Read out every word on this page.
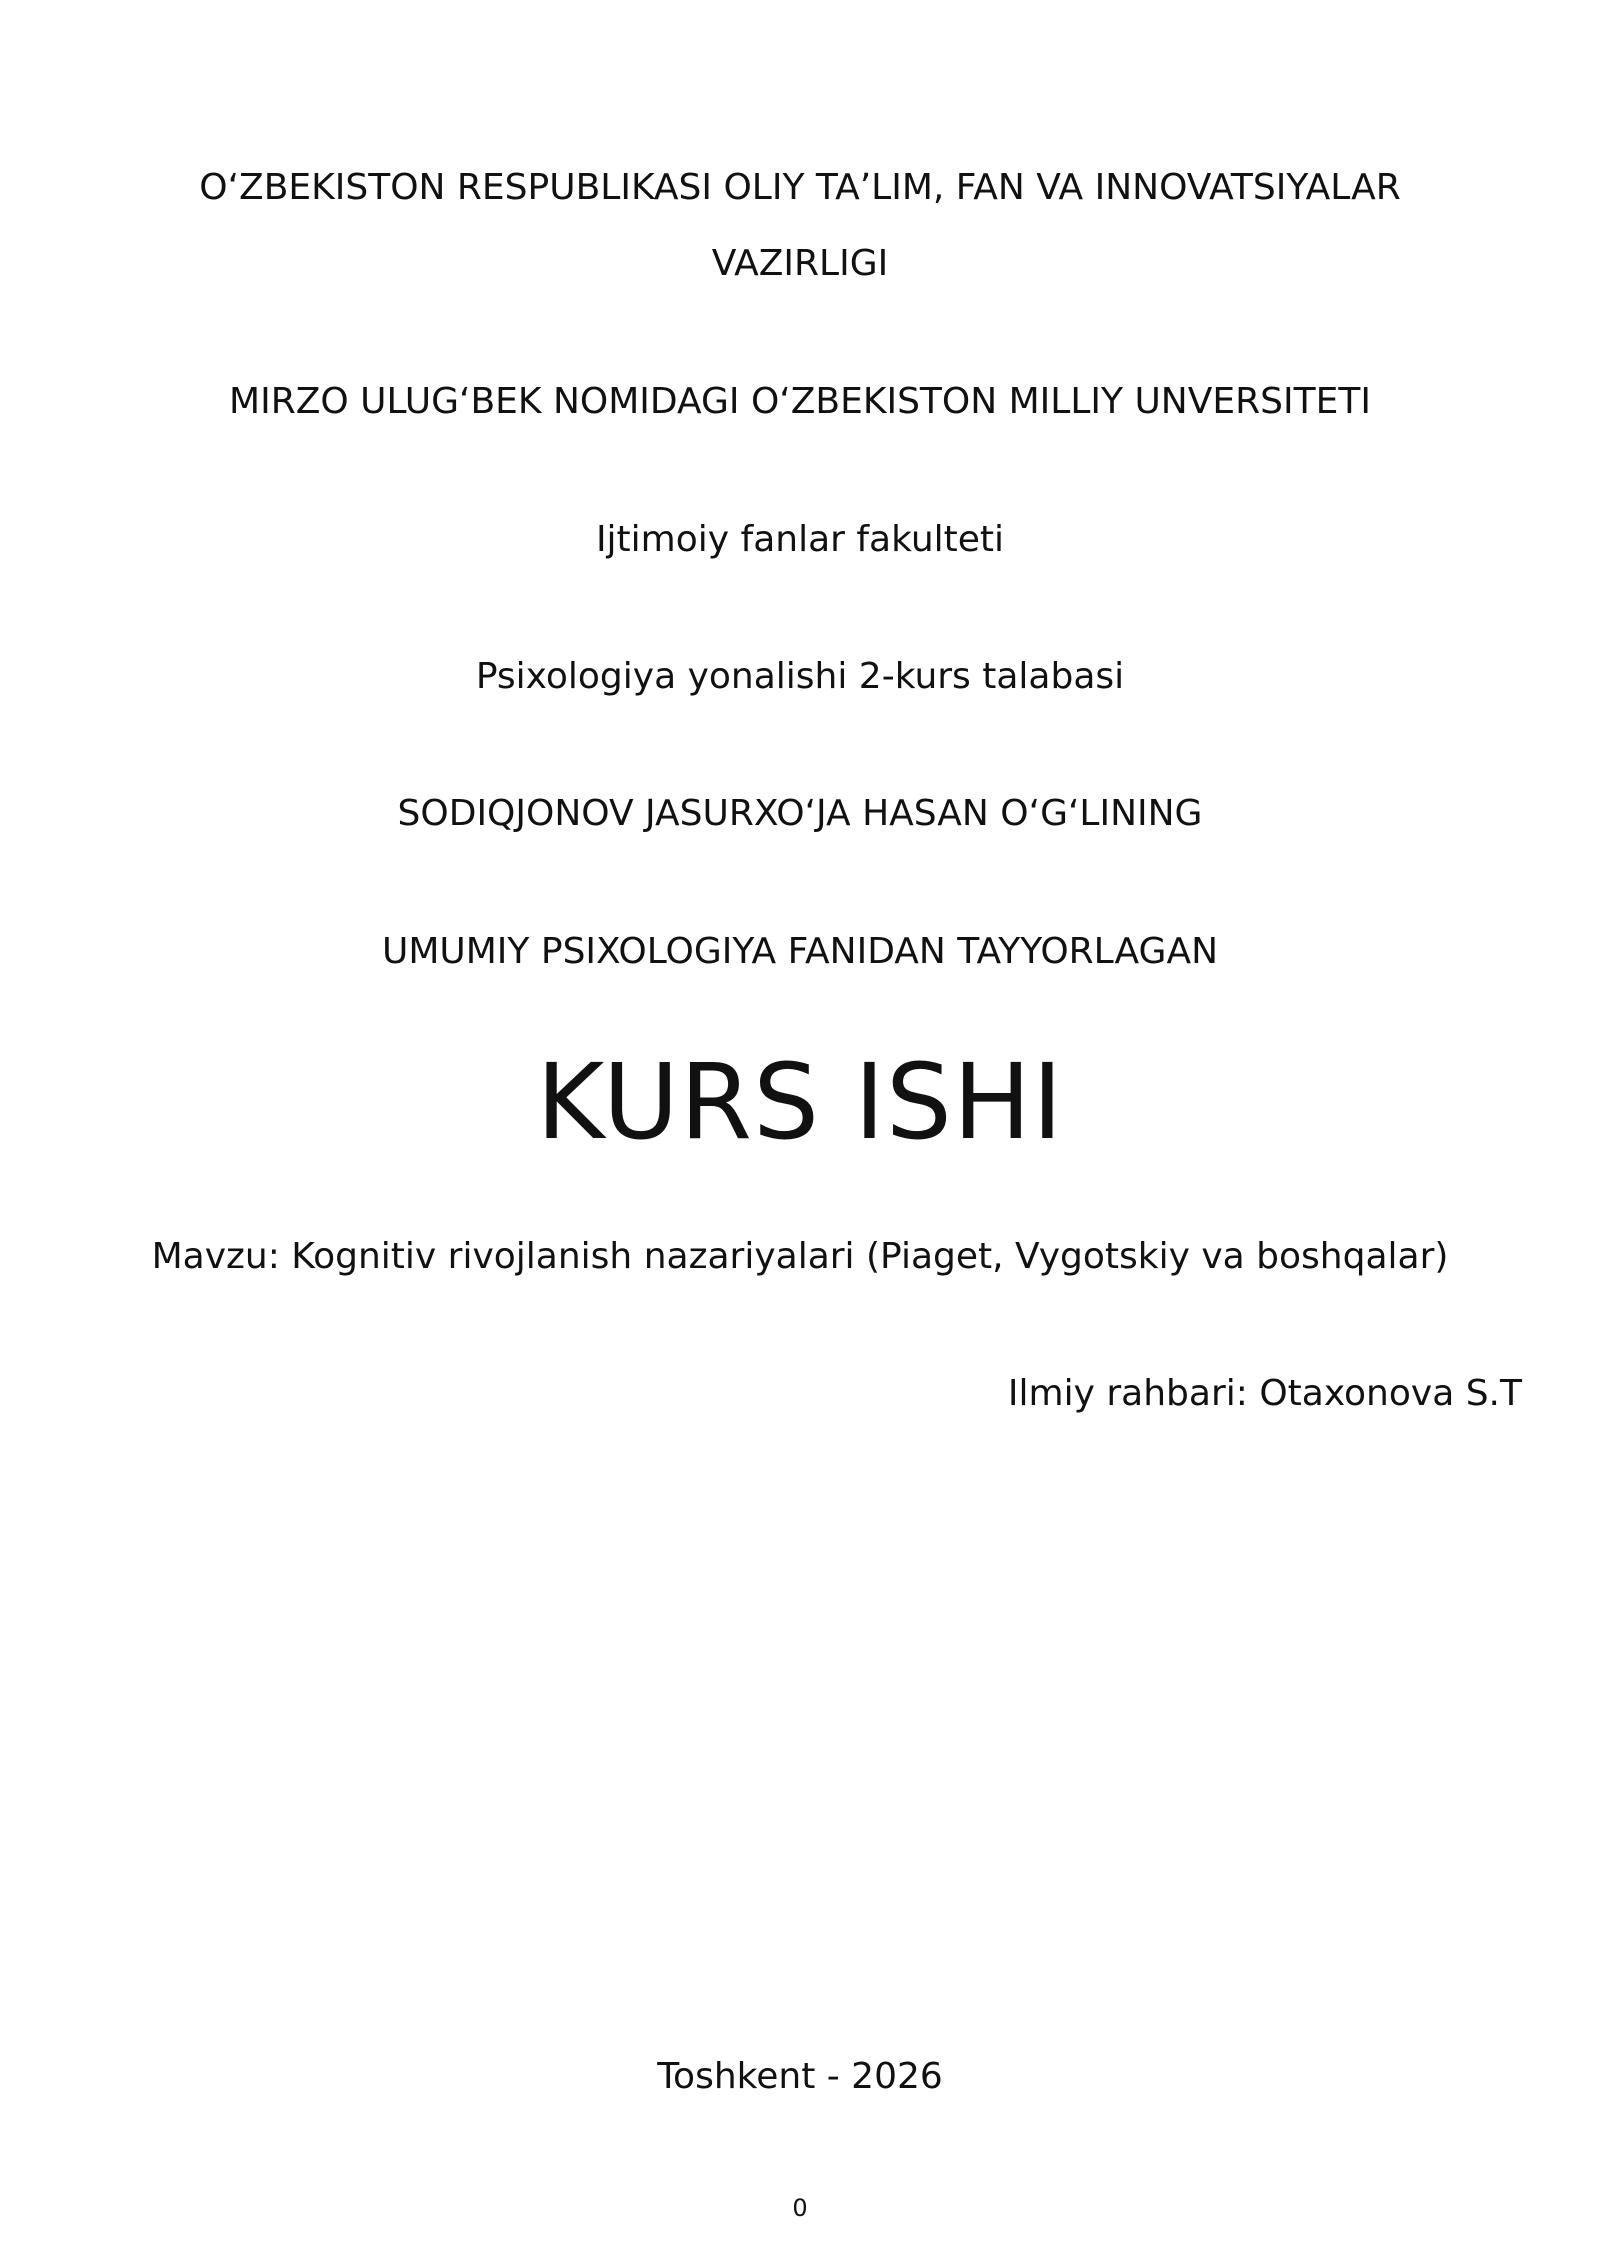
O‘ZBEKISTON RESPUBLIKASI OLIY TA’LIM, FAN VA INNOVATSIYALAR

VAZIRLIGI

MIRZO ULUG‘BEK NOMIDAGI O‘ZBEKISTON MILLIY UNVERSITETI

Ijtimoiy fanlar fakulteti

Psixologiya yonalishi 2-kurs talabasi

SODIQJONOV JASURXO‘JA HASAN O‘G‘LINING

UMUMIY PSIXOLOGIYA FANIDAN TAYYORLAGAN

KURS ISHI

Mavzu: Kognitiv rivojlanish nazariyalari (Piaget, Vygotskiy va boshqalar)

Ilmiy rahbari: Otaxonova S.T

Toshkent - 2026

0
